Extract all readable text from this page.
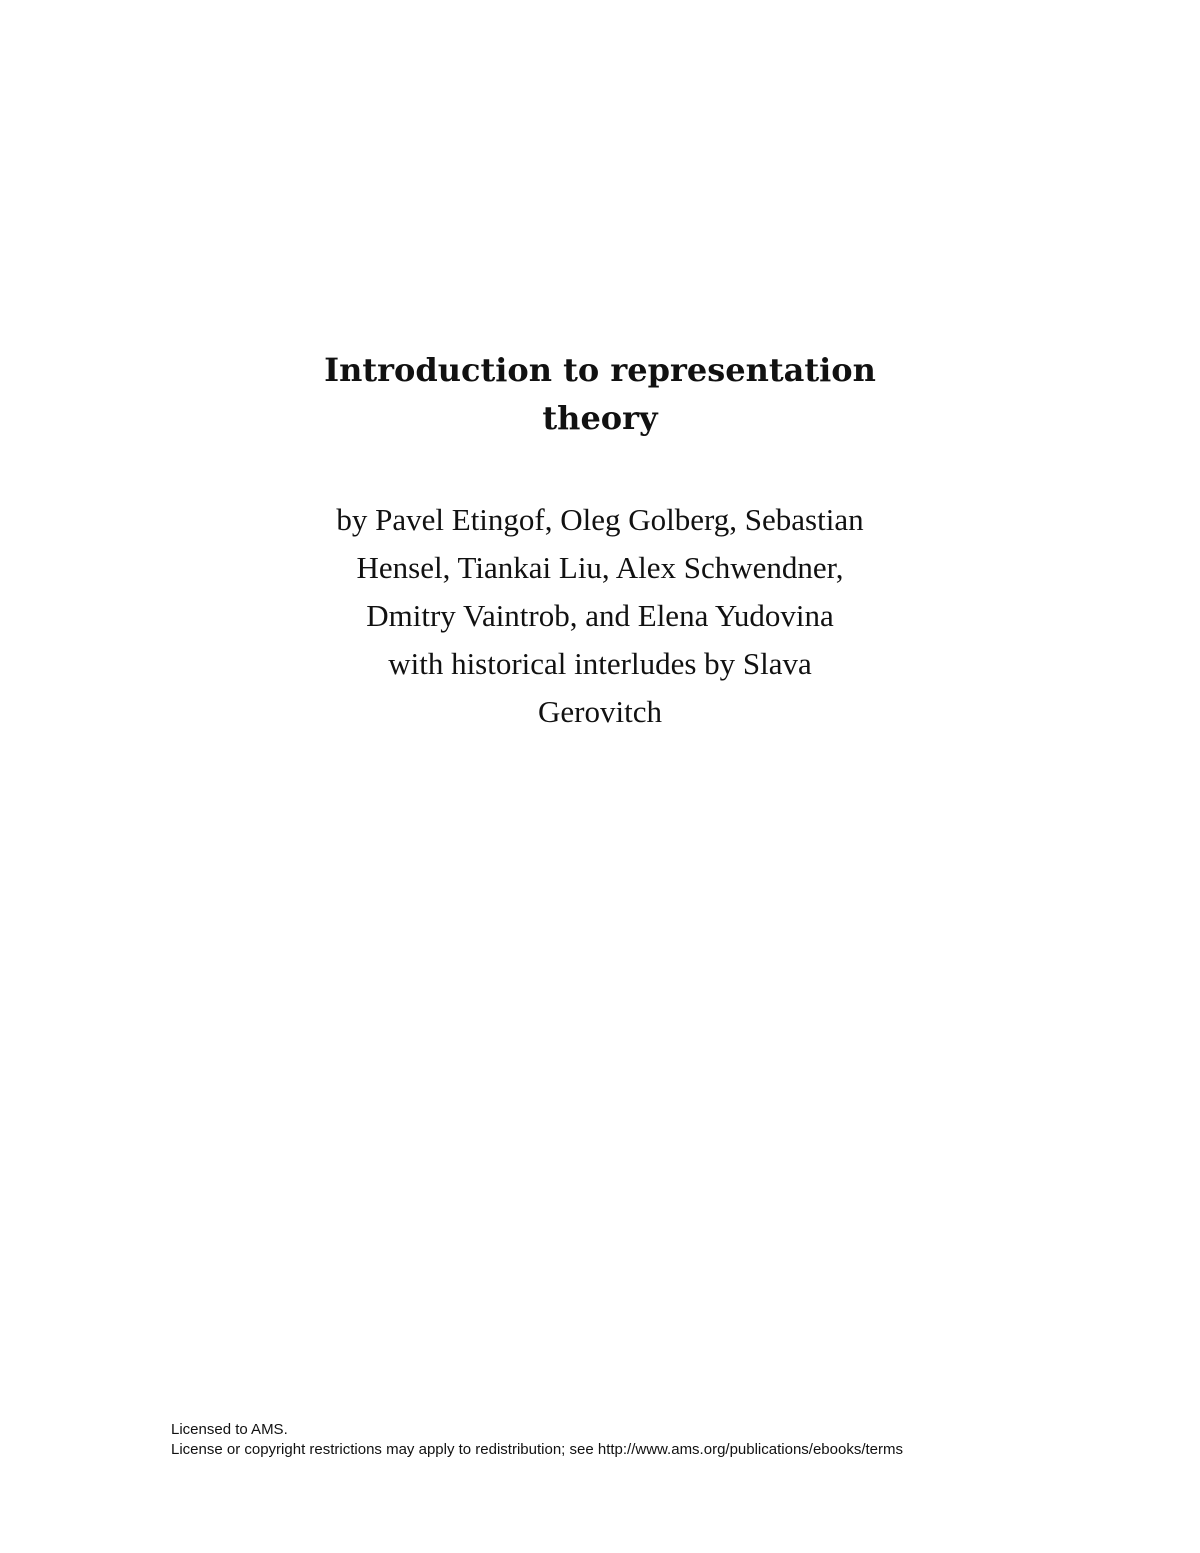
Introduction to representation
theory
by Pavel Etingof, Oleg Golberg, Sebastian
Hensel, Tiankai Liu, Alex Schwendner,
Dmitry Vaintrob, and Elena Yudovina
with historical interludes by Slava
Gerovitch
Licensed to AMS.
License or copyright restrictions may apply to redistribution; see http://www.ams.org/publications/ebooks/terms
